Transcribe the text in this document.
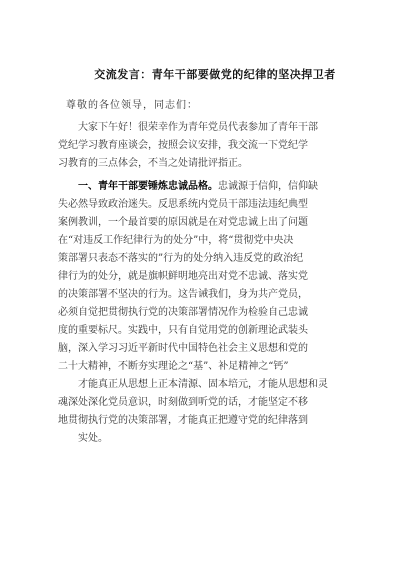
交流发言：青年干部要做党的纪律的坚决捍卫者
尊敬的各位领导，同志们：
大家下午好！很荣幸作为青年党员代表参加了青年干部
党纪学习教育座谈会，按照会议安排，我交流一下党纪学
习教育的三点体会，不当之处请批评指正。
一、青年干部要锤炼忠诚品格。忠诚源于信仰，信仰缺
失必然导致政治迷失。反思系统内党员干部违法违纪典型
案例教训，一个最首要的原因就是在对党忠诚上出了问题
在“对违反工作纪律行为的处分”中，将“贯彻党中央决
策部署只表态不落实的”行为的处分纳入违反党的政治纪
律行为的处分，就是旗帜鲜明地亮出对党不忠诚、落实党
的决策部署不坚决的行为。这告诫我们，身为共产党员，
必须自觉把贯彻执行党的决策部署情况作为检验自己忠诚
度的重要标尺。实践中，只有自觉用党的创新理论武装头
脑，深入学习习近平新时代中国特色社会主义思想和党的
二十大精神，不断夯实理论之“基”、补足精神之“钙”
才能真正从思想上正本清源、固本培元，才能从思想和灵
魂深处深化党员意识，时刻做到听党的话，才能坚定不移
地贯彻执行党的决策部署，才能真正把遵守党的纪律落到
实处。
